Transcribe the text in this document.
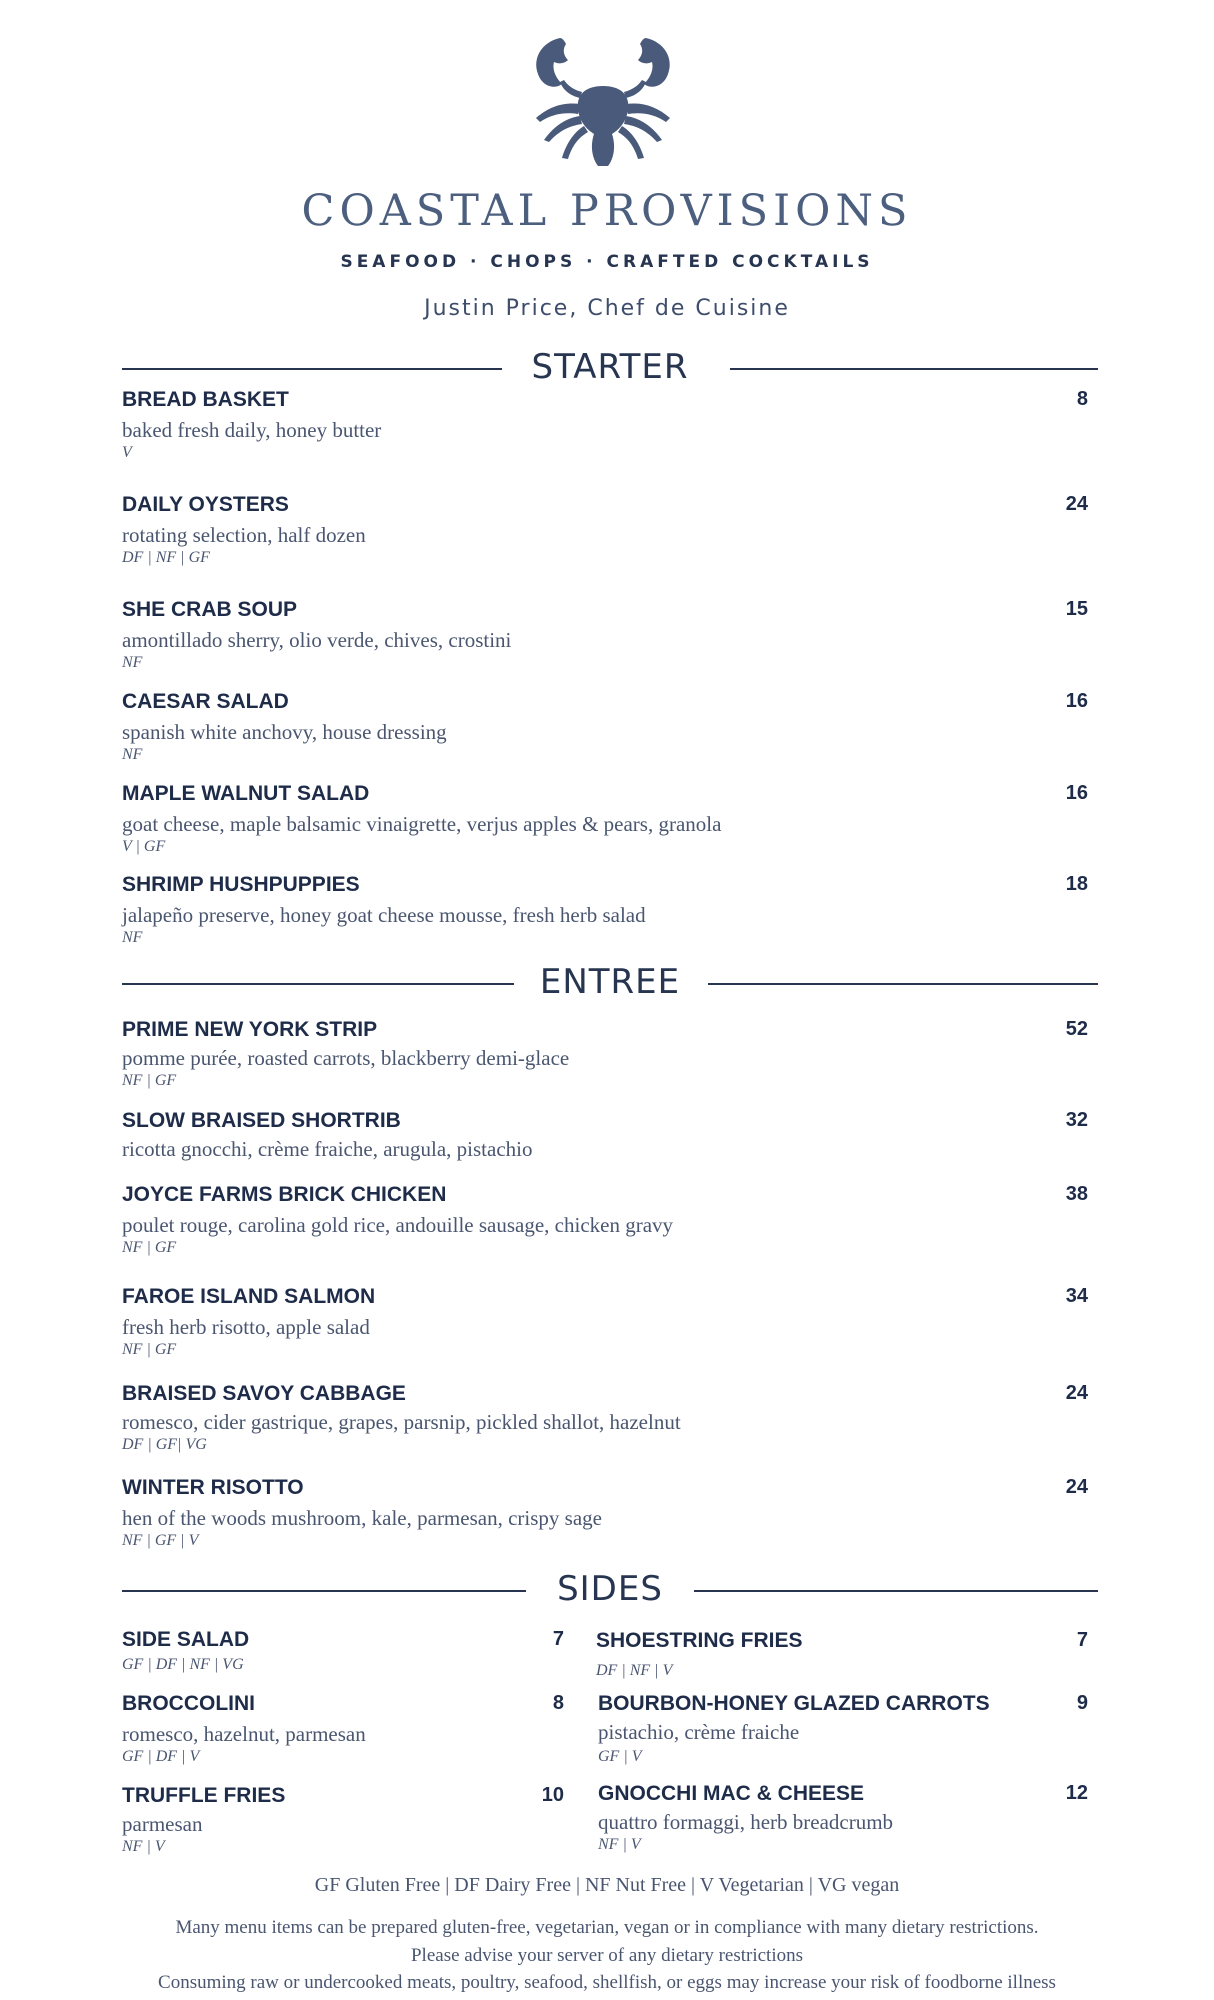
COASTAL PROVISIONS
SEAFOOD · CHOPS · CRAFTED COCKTAILS
Justin Price, Chef de Cuisine
STARTER
BREAD BASKET	8
baked fresh daily, honey butter
V
DAILY OYSTERS	24
rotating selection, half dozen
DF | NF | GF
SHE CRAB SOUP	15
amontillado sherry, olio verde, chives, crostini
NF
CAESAR SALAD	16
spanish white anchovy, house dressing
NF
MAPLE WALNUT SALAD	16
goat cheese, maple balsamic vinaigrette, verjus apples & pears, granola
V | GF
SHRIMP HUSHPUPPIES	18
jalapeño preserve, honey goat cheese mousse, fresh herb salad
NF
ENTREE
PRIME NEW YORK STRIP	52
pomme purée, roasted carrots, blackberry demi-glace
NF | GF
SLOW BRAISED SHORTRIB	32
ricotta gnocchi, crème fraiche, arugula, pistachio
JOYCE FARMS BRICK CHICKEN	38
poulet rouge, carolina gold rice, andouille sausage, chicken gravy
NF | GF
FAROE ISLAND SALMON	34
fresh herb risotto, apple salad
NF | GF
BRAISED SAVOY CABBAGE	24
romesco, cider gastrique, grapes, parsnip, pickled shallot, hazelnut
DF | GF| VG
WINTER RISOTTO	24
hen of the woods mushroom, kale, parmesan, crispy sage
NF | GF | V
SIDES
SIDE SALAD	7
GF | DF | NF | VG
BROCCOLINI	8
romesco, hazelnut, parmesan
GF | DF | V
TRUFFLE FRIES	10
parmesan
NF | V
SHOESTRING FRIES	7
DF | NF | V
BOURBON-HONEY GLAZED CARROTS	9
pistachio, crème fraiche
GF | V
GNOCCHI MAC & CHEESE	12
quattro formaggi, herb breadcrumb
NF | V
GF Gluten Free | DF Dairy Free | NF Nut Free | V Vegetarian | VG vegan
Many menu items can be prepared gluten-free, vegetarian, vegan or in compliance with many dietary restrictions.
Please advise your server of any dietary restrictions
Consuming raw or undercooked meats, poultry, seafood, shellfish, or eggs may increase your risk of foodborne illness
